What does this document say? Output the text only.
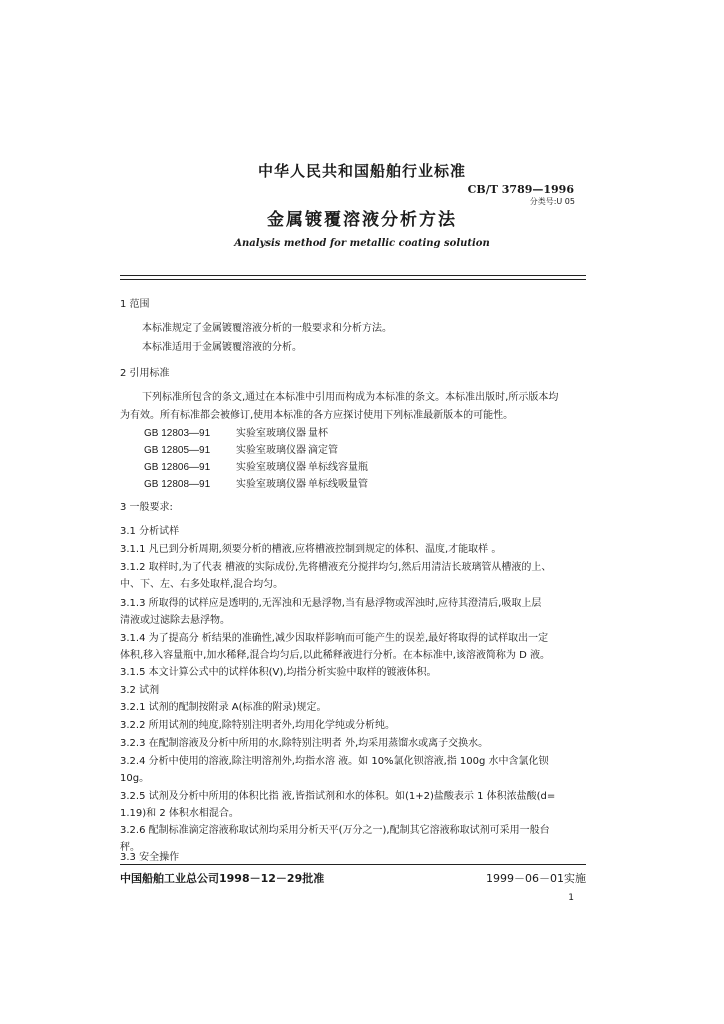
中华人民共和国船舶行业标准
CB/T 3789—1996
分类号:U 05
金属镀覆溶液分析方法
Analysis method for metallic coating solution
1 范围
本标准规定了金属镀覆溶液分析的一般要求和分析方法。
本标准适用于金属镀覆溶液的分析。
2 引用标准
下列标准所包含的条文,通过在本标准中引用而构成为本标准的条文。本标准出版时,所示版本均
为有效。所有标准都会被修订,使用本标准的各方应探讨使用下列标准最新版本的可能性。
GB 12803—91	实验室玻璃仪器 量杯
GB 12805—91	实验室玻璃仪器 滴定管
GB 12806—91	实验室玻璃仪器 单标线容量瓶
GB 12808—91	实验室玻璃仪器 单标线吸量管
3 一般要求:
3.1 分析试样
3.1.1 凡已到分析周期,须要分析的槽液,应将槽液控制到规定的体积、温度,才能取样 。
3.1.2 取样时,为了代表 槽液的实际成份,先将槽液充分搅拌均匀,然后用清洁长玻璃管从槽液的上、
中、下、左、右多处取样,混合均匀。
3.1.3 所取得的试样应是透明的,无浑浊和无悬浮物,当有悬浮物或浑浊时,应待其澄清后,吸取上层
清液或过滤除去悬浮物。
3.1.4 为了提高分 析结果的准确性,减少因取样影响而可能产生的误差,最好将取得的试样取出一定
体积,移入容量瓶中,加水稀释,混合均匀后,以此稀释液进行分析。在本标准中,该溶液简称为 D 液。
3.1.5 本文计算公式中的试样体积(V),均指分析实验中取样的镀液体积。
3.2 试剂
3.2.1 试剂的配制按附录 A(标准的附录)规定。
3.2.2 所用试剂的纯度,除特别注明者外,均用化学纯或分析纯。
3.2.3 在配制溶液及分析中所用的水,除特别注明者 外,均采用蒸馏水或离子交换水。
3.2.4 分析中使用的溶液,除注明溶剂外,均指水溶 液。如 10%氯化钡溶液,指 100g 水中含氯化钡
10g。
3.2.5 试剂及分析中所用的体积比指 液,皆指试剂和水的体积。如(1+2)盐酸表示 1 体积浓盐酸(d=
1.19)和 2 体积水相混合。
3.2.6 配制标准滴定溶液称取试剂均采用分析天平(万分之一),配制其它溶液称取试剂可采用一般台
秤。
3.3 安全操作
中国船舶工业总公司1998－12－29批准	1999－06－01实施
1
